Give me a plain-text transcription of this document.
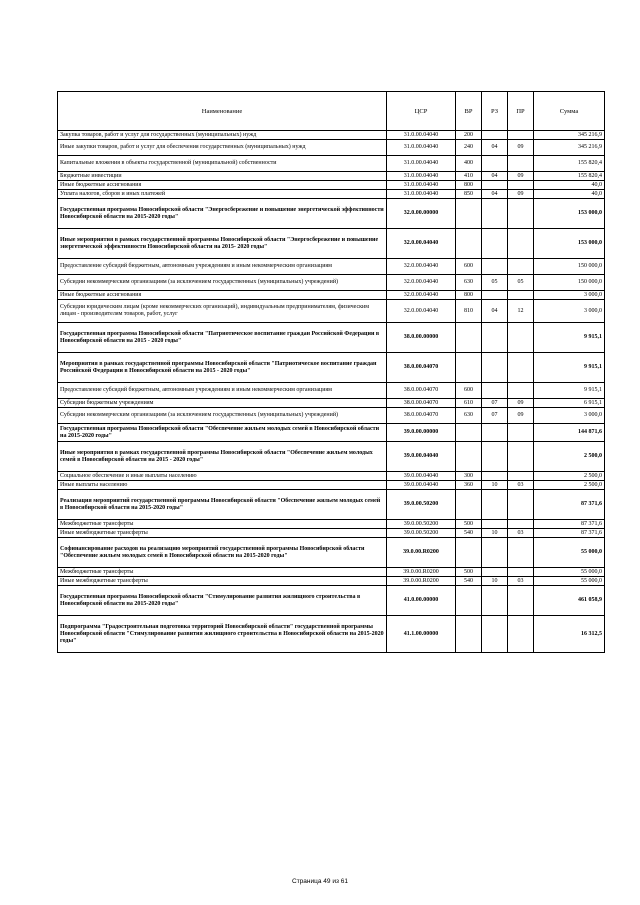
Наименование	ЦСР	ВР	РЗ	ПР	Сумма
Закупка товаров, работ и услуг для государственных (муниципальных) нужд	31.0.00.04040	200			345 216,9
Иные закупки товаров, работ и услуг для обеспечения государственных (муниципальных) нужд	31.0.00.04040	240	04	09	345 216,9
Капитальные вложения в объекты государственной (муниципальной) собственности	31.0.00.04040	400			155 820,4
Бюджетные инвестиции	31.0.00.04040	410	04	09	155 820,4
Иные бюджетные ассигнования	31.0.00.04040	800			40,0
Уплата налогов, сборов и иных платежей	31.0.00.04040	850	04	09	40,0
Государственная программа Новосибирской области "Энергосбережение и повышение энергетической эффективности Новосибирской области на 2015-2020 годы"	32.0.00.00000				153 000,0
Иные мероприятия в рамках государственной программы Новосибирской области "Энергосбережение и повышение энергетической эффективности Новосибирской области на 2015- 2020 годы"	32.0.00.04040				153 000,0
Предоставление субсидий бюджетным, автономным учреждениям и иным некоммерческим организациям	32.0.00.04040	600			150 000,0
Субсидии некоммерческим организациям (за исключением государственных (муниципальных) учреждений)	32.0.00.04040	630	05	05	150 000,0
Иные бюджетные ассигнования	32.0.00.04040	800			3 000,0
Субсидии юридическим лицам (кроме некоммерческих организаций), индивидуальным предпринимателям, физическим лицам - производителям товаров, работ, услуг	32.0.00.04040	810	04	12	3 000,0
Государственная программа Новосибирской области "Патриотическое воспитание граждан Российской Федерации в Новосибирской области на 2015 - 2020 годы"	38.0.00.00000				9 915,1
Мероприятия в рамках государственной программы Новосибирской области "Патриотическое воспитание граждан Российской Федерации в Новосибирской области на 2015 - 2020 годы"	38.0.00.04070				9 915,1
Предоставление субсидий бюджетным, автономным учреждениям и иным некоммерческим организациям	38.0.00.04070	600			9 915,1
Субсидии бюджетным учреждениям	38.0.00.04070	610	07	09	6 915,1
Субсидии некоммерческим организациям (за исключением государственных (муниципальных) учреждений)	38.0.00.04070	630	07	09	3 000,0
Государственная программа Новосибирской области "Обеспечение жильем молодых семей в Новосибирской области на 2015-2020 годы"	39.0.00.00000				144 871,6
Иные мероприятия в рамках государственной программы Новосибирской области "Обеспечение жильем молодых семей в Новосибирской области на 2015 - 2020 годы"	39.0.00.04040				2 500,0
Социальное обеспечение и иные выплаты населению	39.0.00.04040	300			2 500,0
Иные выплаты населению	39.0.00.04040	360	10	03	2 500,0
Реализация мероприятий государственной программы Новосибирской области "Обеспечение жильем молодых семей в Новосибирской области на 2015-2020 годы"	39.0.00.50200				87 371,6
Межбюджетные трансферты	39.0.00.50200	500			87 371,6
Иные межбюджетные трансферты	39.0.00.50200	540	10	03	87 371,6
Софинансирование расходов на реализацию мероприятий государственной программы Новосибирской области "Обеспечение жильем молодых семей в Новосибирской области на 2015-2020 годы"	39.0.00.R0200				55 000,0
Межбюджетные трансферты	39.0.00.R0200	500			55 000,0
Иные межбюджетные трансферты	39.0.00.R0200	540	10	03	55 000,0
Государственная программа Новосибирской области "Стимулирование развития жилищного строительства в Новосибирской области на 2015-2020 годы"	41.0.00.00000				461 058,9
Подпрограмма "Градостроительная подготовка территорий Новосибирской области" государственной программы Новосибирской области "Стимулирование развития жилищного строительства в Новосибирской области на 2015-2020 годы"	41.1.00.00000				16 312,5
Страница 49 из 61
